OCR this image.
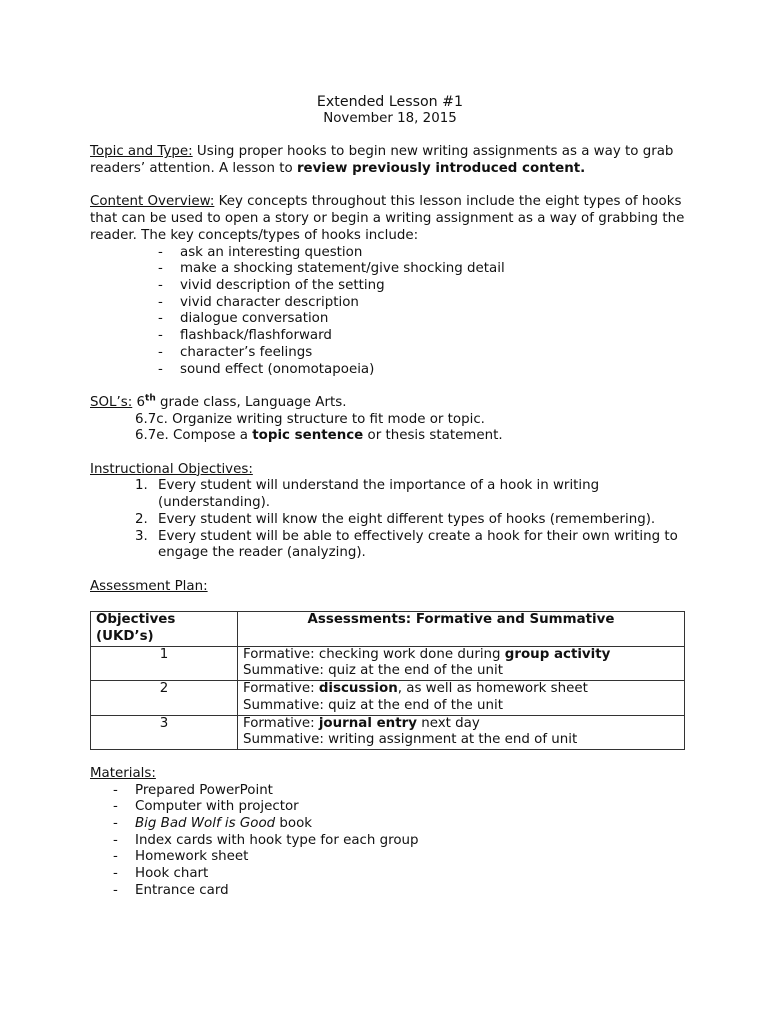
Extended Lesson #1
November 18, 2015

Topic and Type: Using proper hooks to begin new writing assignments as a way to grab readers’ attention. A lesson to review previously introduced content.

Content Overview: Key concepts throughout this lesson include the eight types of hooks that can be used to open a story or begin a writing assignment as a way of grabbing the reader. The key concepts/types of hooks include:

- ask an interesting question
- make a shocking statement/give shocking detail
- vivid description of the setting
- vivid character description
- dialogue conversation
- flashback/flashforward
- character’s feelings
- sound effect (onomotapoeia)

SOL’s: 6th grade class, Language Arts.

6.7c. Organize writing structure to fit mode or topic.

6.7e. Compose a topic sentence or thesis statement.

Instructional Objectives:

1. Every student will understand the importance of a hook in writing (understanding).
2. Every student will know the eight different types of hooks (remembering).
3. Every student will be able to effectively create a hook for their own writing to engage the reader (analyzing).

Assessment Plan:

Objectives (UKD’s)	Assessments: Formative and Summative
1	Formative: checking work done during group activity
Summative: quiz at the end of the unit

2	Formative: discussion, as well as homework sheet
Summative: quiz at the end of the unit

3	Formative: journal entry next day
Summative: writing assignment at the end of unit

Materials:

- Prepared PowerPoint
- Computer with projector
- Big Bad Wolf is Good book
- Index cards with hook type for each group
- Homework sheet
- Hook chart
- Entrance card
